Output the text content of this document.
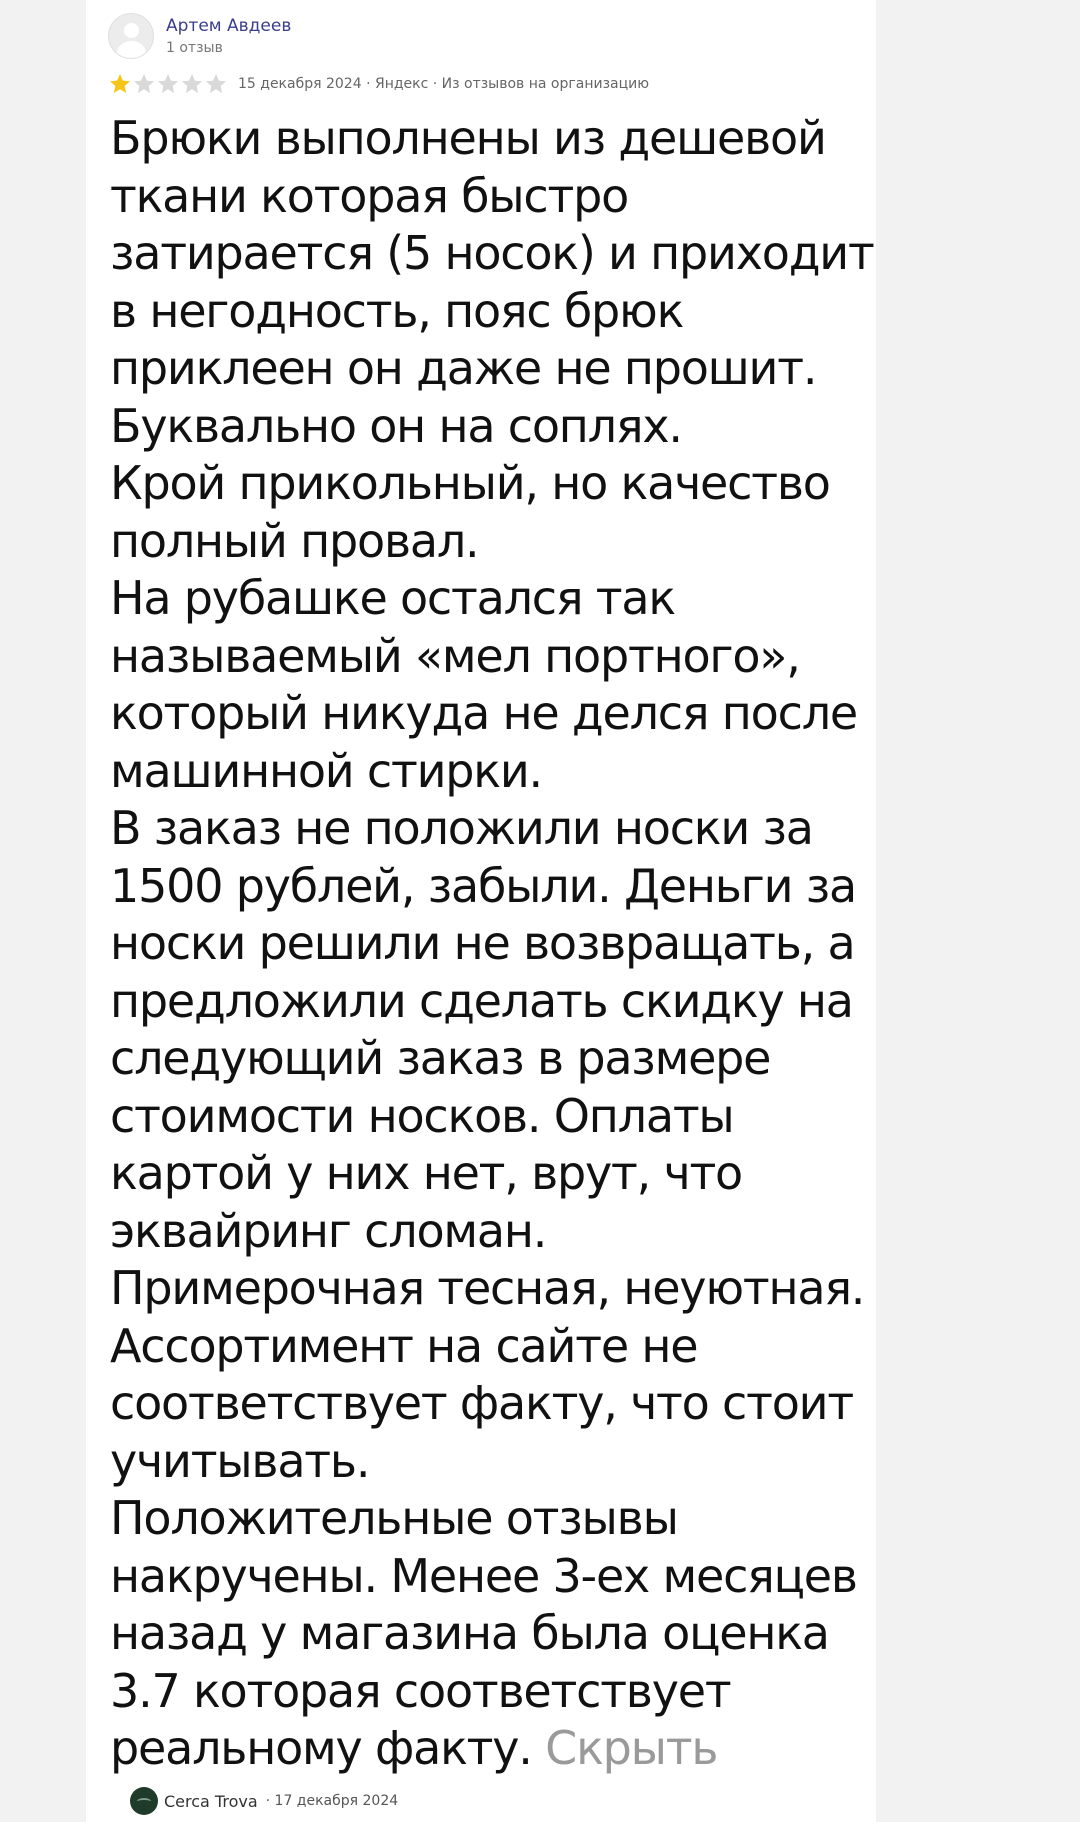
Артем Авдеев
1 отзыв
15 декабря 2024 · Яндекс · Из отзывов на организацию
Брюки выполнены из дешевой
ткани которая быстро
затирается (5 носок) и приходит
в негодность, пояс брюк
приклеен он даже не прошит.
Буквально он на соплях.
Крой прикольный, но качество
полный провал.
На рубашке остался так
называемый «мел портного»,
который никуда не делся после
машинной стирки.
В заказ не положили носки за
1500 рублей, забыли. Деньги за
носки решили не возвращать, а
предложили сделать скидку на
следующий заказ в размере
стоимости носков. Оплаты
картой у них нет, врут, что
эквайринг сломан.
Примерочная тесная, неуютная.
Ассортимент на сайте не
соответствует факту, что стоит
учитывать.
Положительные отзывы
накручены. Менее 3-ех месяцев
назад у магазина была оценка
3.7 которая соответствует
реальному факту. Скрыть
Cerca Trova · 17 декабря 2024
